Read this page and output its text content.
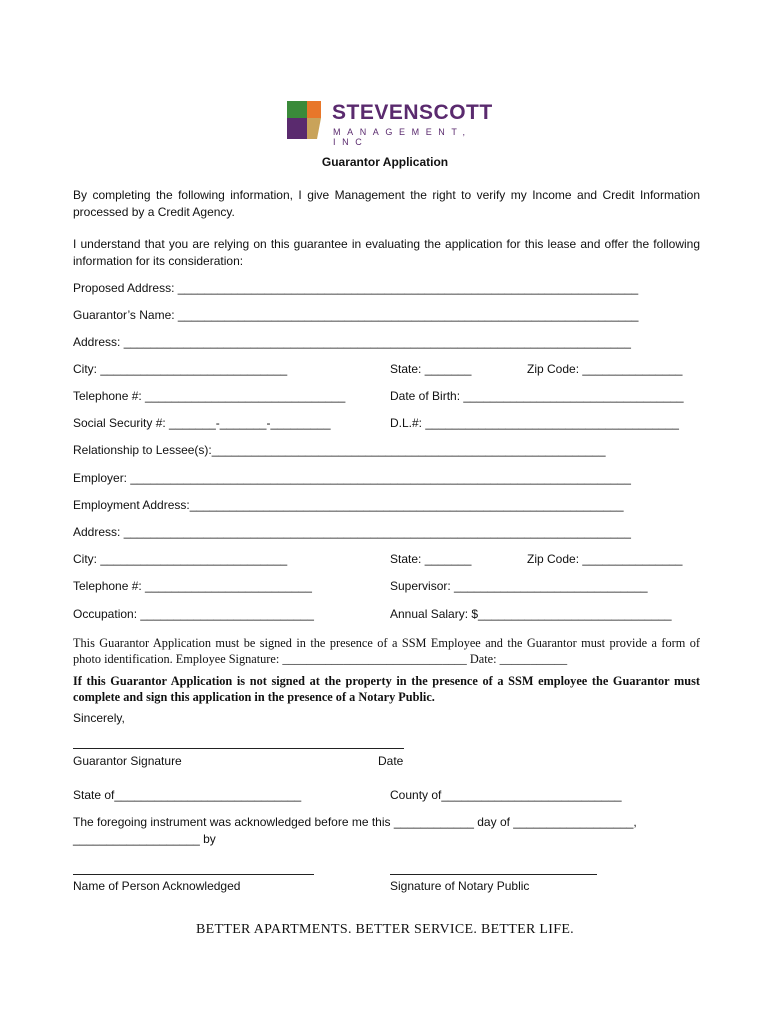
STEVENSCOTT
MANAGEMENT, INC
Guarantor Application
By completing the following information, I give Management the right to verify my Income and Credit Information processed by a Credit Agency.
I understand that you are relying on this guarantee in evaluating the application for this lease and offer the following information for its consideration:
Proposed Address: _____________________________________________________________________
Guarantor’s Name: _____________________________________________________________________
Address: ____________________________________________________________________________
City: ____________________________	State: _______	Zip Code: _______________
Telephone #: ______________________________	Date of Birth: _________________________________
Social Security #: _______-_______-_________	D.L.#: ______________________________________
Relationship to Lessee(s):___________________________________________________________
Employer: ___________________________________________________________________________
Employment Address:_________________________________________________________________
Address: ____________________________________________________________________________
City: ____________________________	State: _______	Zip Code: _______________
Telephone #: _________________________	Supervisor: _____________________________
Occupation: __________________________	Annual Salary: $_____________________________
This Guarantor Application must be signed in the presence of a SSM Employee and the Guarantor must provide a form of photo identification. Employee Signature: ______________________________ Date: ___________
If this Guarantor Application is not signed at the property in the presence of a SSM employee the Guarantor must complete and sign this application in the presence of a Notary Public.
Sincerely,
Guarantor Signature	Date
State of____________________________	County of___________________________
The foregoing instrument was acknowledged before me this ____________ day of __________________,
___________________ by
Name of Person Acknowledged	Signature of Notary Public
BETTER APARTMENTS. BETTER SERVICE. BETTER LIFE.
